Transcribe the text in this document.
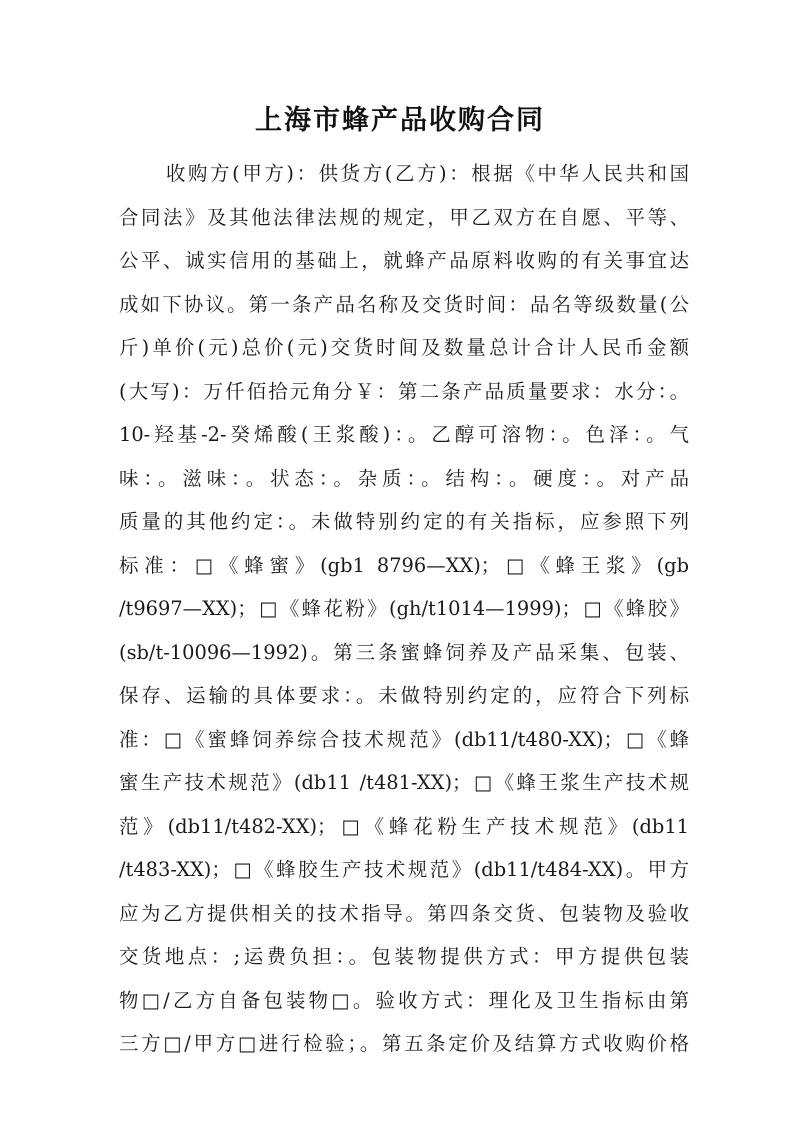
上海市蜂产品收购合同
收购方(甲方)：供货方(乙方)：根据《中华人民共和国
合同法》及其他法律法规的规定，甲乙双方在自愿、平等、
公平、诚实信用的基础上，就蜂产品原料收购的有关事宜达
成如下协议。第一条产品名称及交货时间：品名等级数量(公
斤)单价(元)总价(元)交货时间及数量总计合计人民币金额
(大写)：万仟佰拾元角分￥：第二条产品质量要求：水分：。
10-羟基-2-癸烯酸(王浆酸)：。乙醇可溶物：。色泽：。气
味：。滋味：。状态：。杂质：。结构：。硬度：。对产品
质量的其他约定：。未做特别约定的有关指标，应参照下列
标准：□《蜂蜜》(gb1 8796—XX)；□《蜂王浆》(gb
/t9697—XX)；□《蜂花粉》(gh/t1014—1999)；□《蜂胶》
(sb/t-10096—1992)。第三条蜜蜂饲养及产品采集、包装、
保存、运输的具体要求：。未做特别约定的，应符合下列标
准：□《蜜蜂饲养综合技术规范》(db11/t480-XX)；□《蜂
蜜生产技术规范》(db11 /t481-XX)；□《蜂王浆生产技术规
范》(db11/t482-XX)；□《蜂花粉生产技术规范》(db11
/t483-XX)；□《蜂胶生产技术规范》(db11/t484-XX)。甲方
应为乙方提供相关的技术指导。第四条交货、包装物及验收
交货地点：;运费负担：。包装物提供方式：甲方提供包装
物□/乙方自备包装物□。验收方式：理化及卫生指标由第
三方□/甲方□进行检验；。第五条定价及结算方式收购价格
